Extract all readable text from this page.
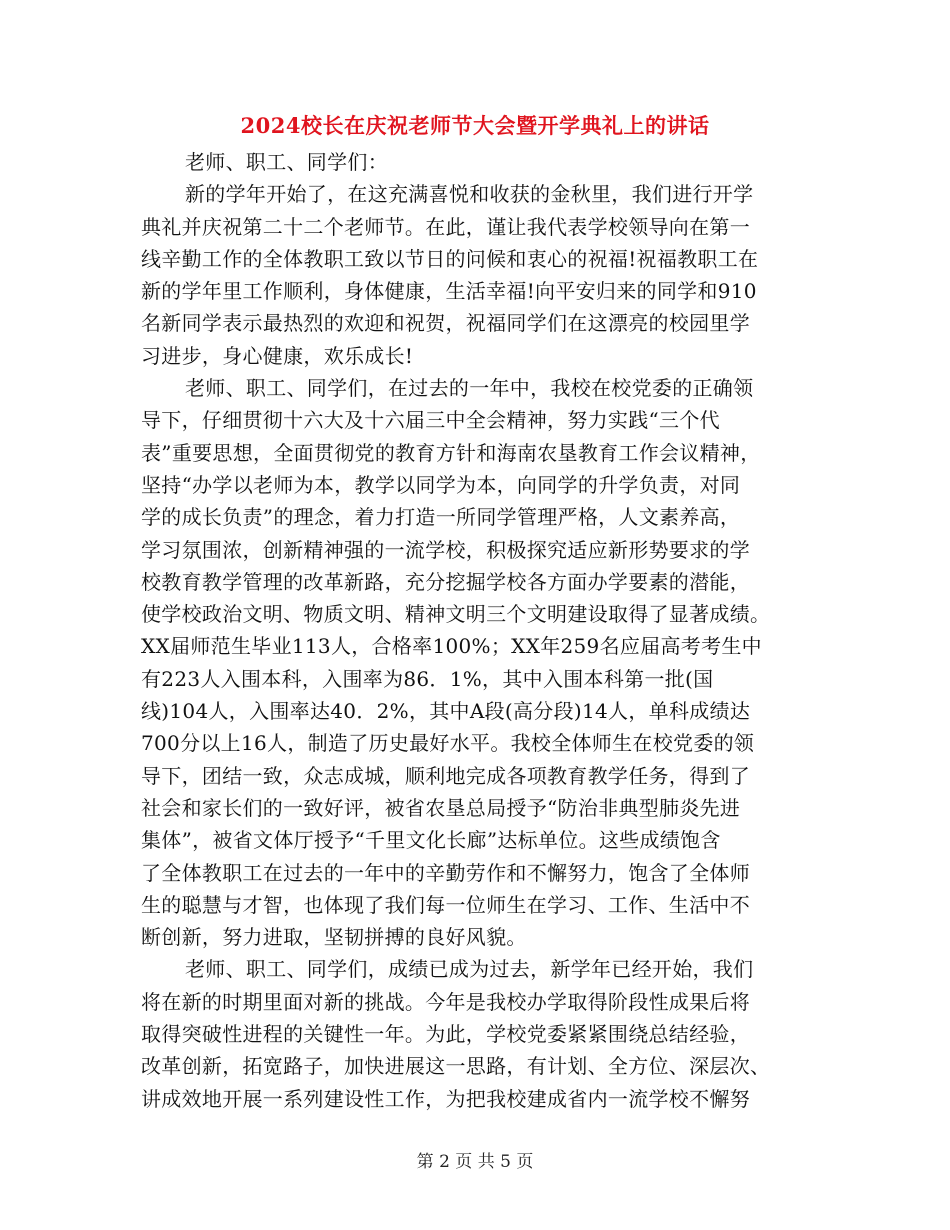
2024校长在庆祝老师节大会暨开学典礼上的讲话
老师、职工、同学们：
新的学年开始了，在这充满喜悦和收获的金秋里，我们进行开学
典礼并庆祝第二十二个老师节。在此，谨让我代表学校领导向在第一
线辛勤工作的全体教职工致以节日的问候和衷心的祝福!祝福教职工在
新的学年里工作顺利，身体健康，生活幸福!向平安归来的同学和910
名新同学表示最热烈的欢迎和祝贺，祝福同学们在这漂亮的校园里学
习进步，身心健康，欢乐成长!
老师、职工、同学们，在过去的一年中，我校在校党委的正确领
导下，仔细贯彻十六大及十六届三中全会精神，努力实践“三个代
表”重要思想，全面贯彻党的教育方针和海南农垦教育工作会议精神，
坚持“办学以老师为本，教学以同学为本，向同学的升学负责，对同
学的成长负责”的理念，着力打造一所同学管理严格，人文素养高，
学习氛围浓，创新精神强的一流学校，积极探究适应新形势要求的学
校教育教学管理的改革新路，充分挖掘学校各方面办学要素的潜能，
使学校政治文明、物质文明、精神文明三个文明建设取得了显著成绩。
XX届师范生毕业113人，合格率100%；XX年259名应届高考考生中
有223人入围本科，入围率为86．1%，其中入围本科第一批(国
线)104人，入围率达40．2%，其中A段(高分段)14人，单科成绩达
700分以上16人，制造了历史最好水平。我校全体师生在校党委的领
导下，团结一致，众志成城，顺利地完成各项教育教学任务，得到了
社会和家长们的一致好评，被省农垦总局授予“防治非典型肺炎先进
集体”，被省文体厅授予“千里文化长廊”达标单位。这些成绩饱含
了全体教职工在过去的一年中的辛勤劳作和不懈努力，饱含了全体师
生的聪慧与才智，也体现了我们每一位师生在学习、工作、生活中不
断创新，努力进取，坚韧拼搏的良好风貌。
老师、职工、同学们，成绩已成为过去，新学年已经开始，我们
将在新的时期里面对新的挑战。今年是我校办学取得阶段性成果后将
取得突破性进程的关键性一年。为此，学校党委紧紧围绕总结经验，
改革创新，拓宽路子，加快进展这一思路，有计划、全方位、深层次、
讲成效地开展一系列建设性工作，为把我校建成省内一流学校不懈努
第 2 页 共 5 页
